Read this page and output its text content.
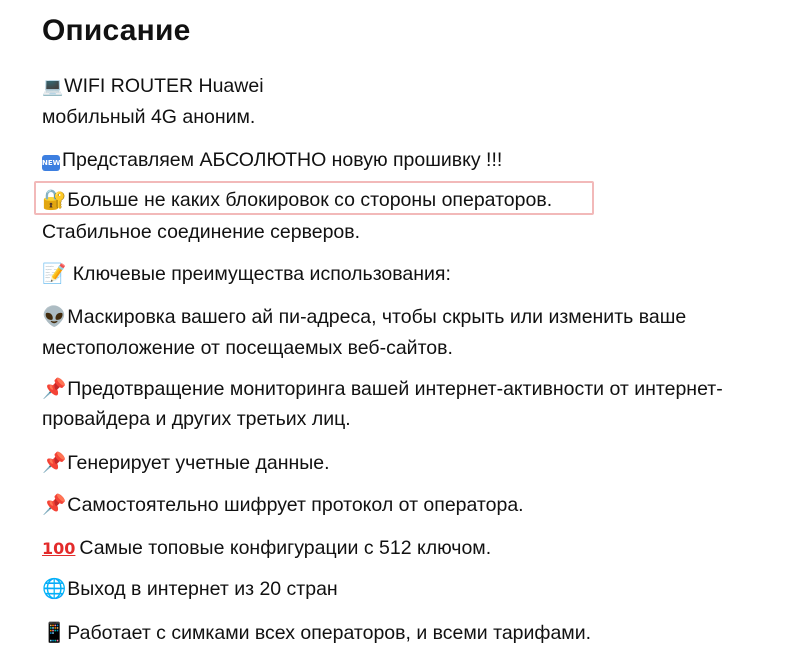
Описание
💻WIFI ROUTER Huawei
мобильный 4G аноним.
NEWПредставляем АБСОЛЮТНО новую прошивку !!!
🔐Больше не каких блокировок со стороны операторов.
Стабильное соединение серверов.
📝 Ключевые преимущества использования:
👽Маскировка вашего ай пи-адреса, чтобы скрыть или изменить ваше
местоположение от посещаемых веб-сайтов.
📌Предотвращение мониторинга вашей интернет-активности от интернет-
провайдера и других третьих лиц.
📌Генерирует учетные данные.
📌Самостоятельно шифрует протокол от оператора.
100 Самые топовые конфигурации с 512 ключом.
🌐Выход в интернет из 20 стран
📱Работает с симками всех операторов, и всеми тарифами.
